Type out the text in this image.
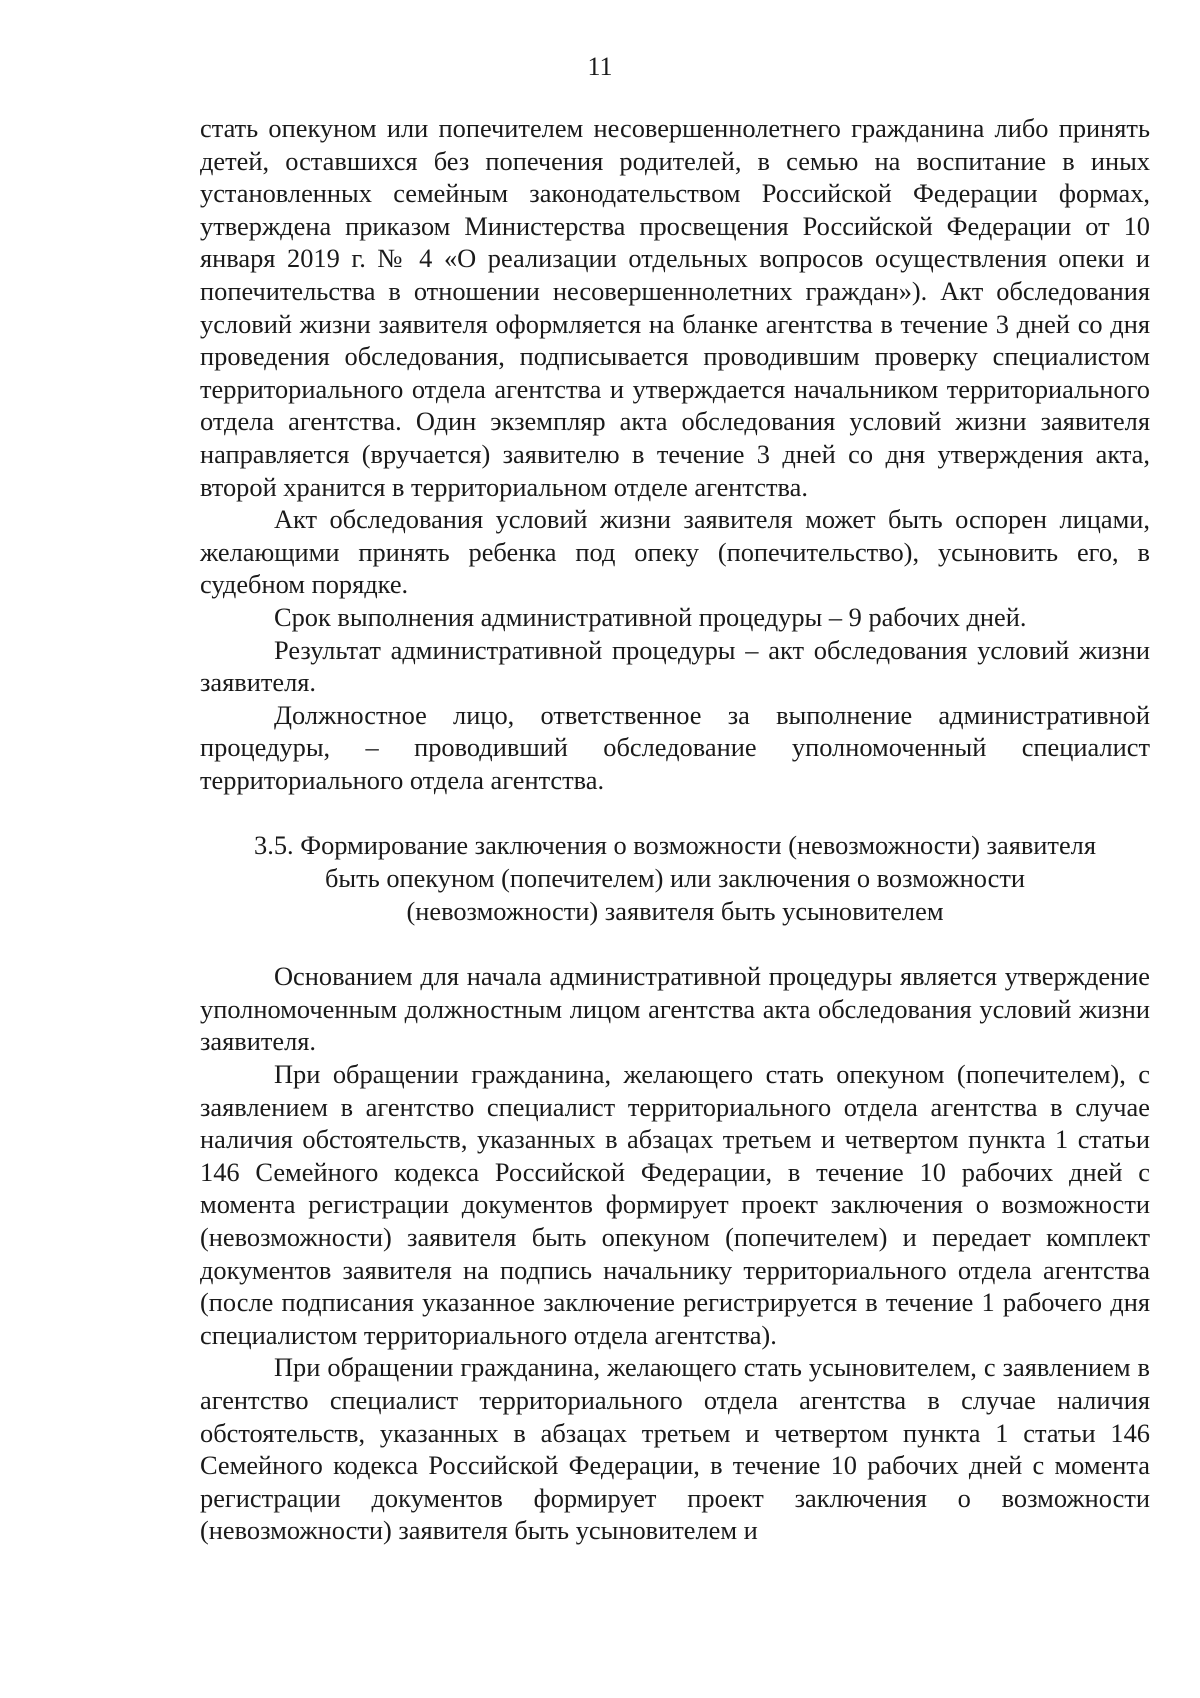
11

стать опекуном или попечителем несовершеннолетнего гражданина либо принять детей, оставшихся без попечения родителей, в семью на воспитание в иных установленных семейным законодательством Российской Федерации формах, утверждена приказом Министерства просвещения Российской Федерации от 10 января 2019 г. № 4 «О реализации отдельных вопросов осуществления опеки и попечительства в отношении несовершеннолетних граждан»). Акт обследования условий жизни заявителя оформляется на бланке агентства в течение 3 дней со дня проведения обследования, подписывается проводившим проверку специалистом территориального отдела агентства и утверждается начальником территориального отдела агентства. Один экземпляр акта обследования условий жизни заявителя направляется (вручается) заявителю в течение 3 дней со дня утверждения акта, второй хранится в территориальном отделе агентства.

Акт обследования условий жизни заявителя может быть оспорен лицами, желающими принять ребенка под опеку (попечительство), усыновить его, в судебном порядке.

Срок выполнения административной процедуры – 9 рабочих дней.

Результат административной процедуры – акт обследования условий жизни заявителя.

Должностное лицо, ответственное за выполнение административной процедуры, – проводивший обследование уполномоченный специалист территориального отдела агентства.

3.5. Формирование заключения о возможности (невозможности) заявителя
быть опекуном (попечителем) или заключения о возможности
(невозможности) заявителя быть усыновителем

Основанием для начала административной процедуры является утверждение уполномоченным должностным лицом агентства акта обследования условий жизни заявителя.

При обращении гражданина, желающего стать опекуном (попечителем), с заявлением в агентство специалист территориального отдела агентства в случае наличия обстоятельств, указанных в абзацах третьем и четвертом пункта 1 статьи 146 Семейного кодекса Российской Федерации, в течение 10 рабочих дней с момента регистрации документов формирует проект заключения о возможности (невозможности) заявителя быть опекуном (попечителем) и передает комплект документов заявителя на подпись начальнику территориального отдела агентства (после подписания указанное заключение регистрируется в течение 1 рабочего дня специалистом территориального отдела агентства).

При обращении гражданина, желающего стать усыновителем, с заявлением в агентство специалист территориального отдела агентства в случае наличия обстоятельств, указанных в абзацах третьем и четвертом пункта 1 статьи 146 Семейного кодекса Российской Федерации, в течение 10 рабочих дней с момента регистрации документов формирует проект заключения о возможности (невозможности) заявителя быть усыновителем и
